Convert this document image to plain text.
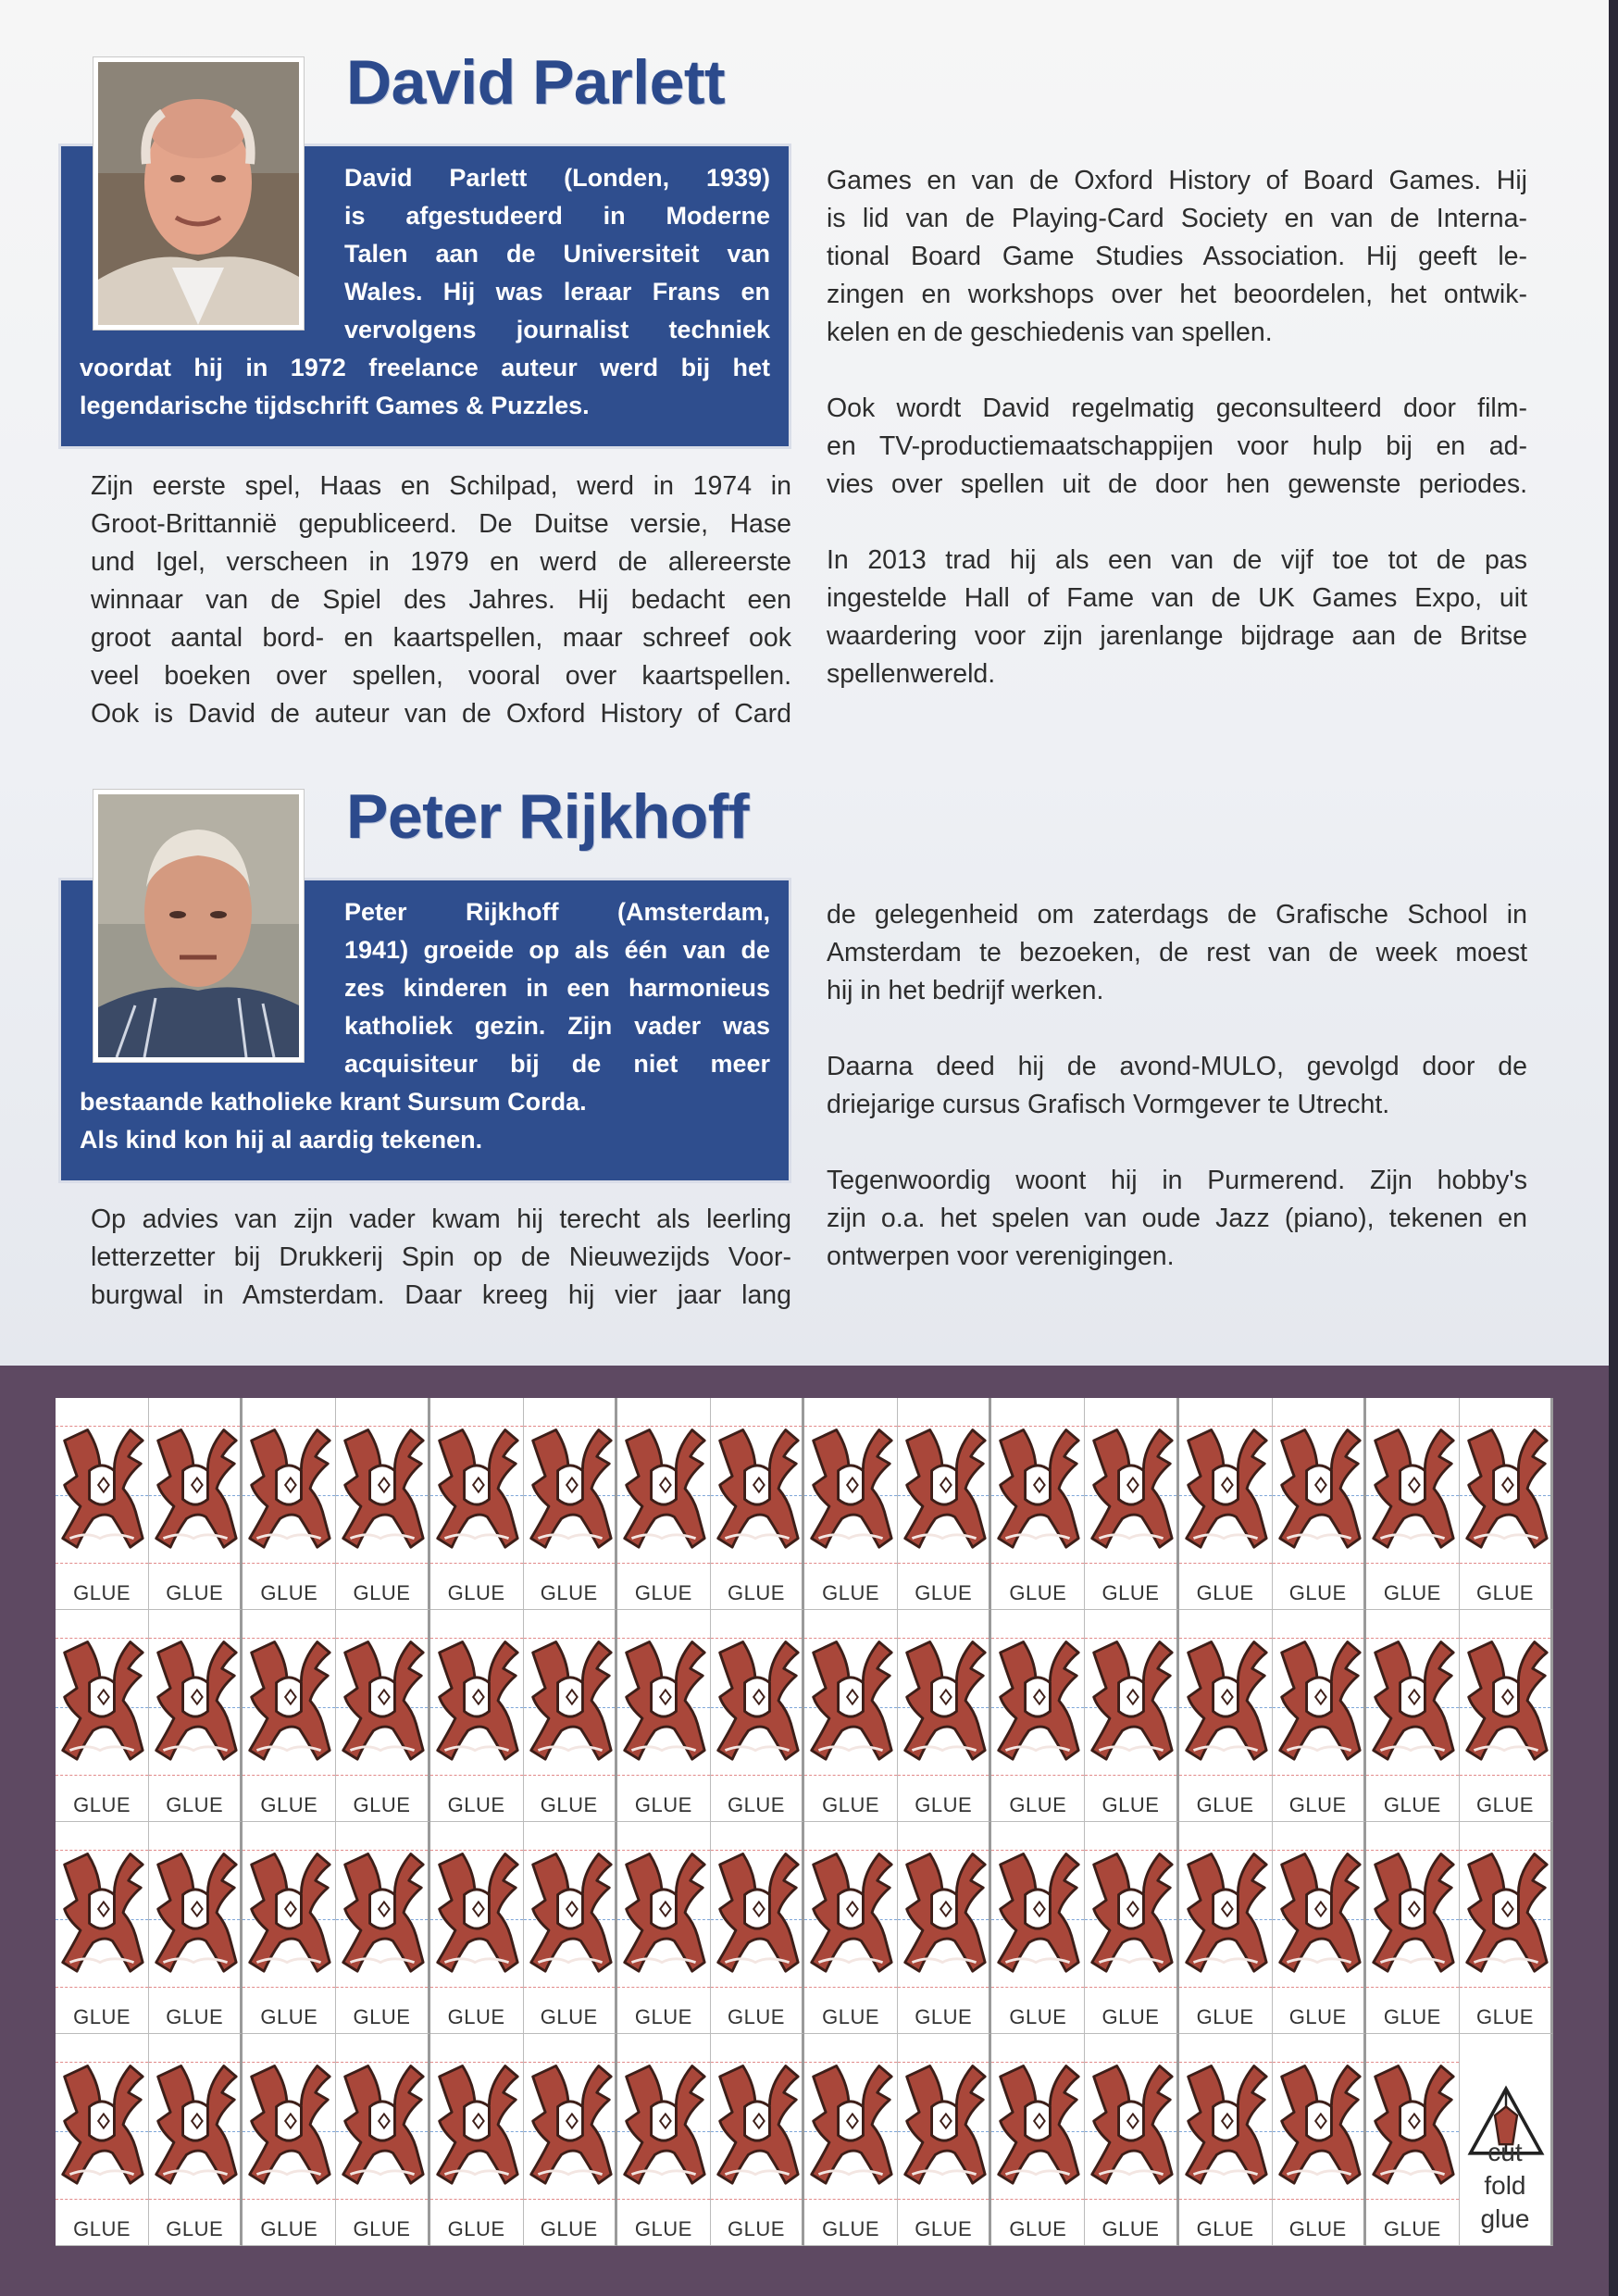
David Parlett (Londen, 1939)
is afgestudeerd in Moderne
Talen aan de Universiteit van
Wales. Hij was leraar Frans en
vervolgens journalist techniek
voordat hij in 1972 freelance auteur werd bij het
legendarische tijdschrift Games & Puzzles.
David Parlett
Zijn eerste spel, Haas en Schilpad, werd in 1974 in
Groot-Brittannië gepubliceerd. De Duitse versie, Hase
und Igel, verscheen in 1979 en werd de allereerste
winnaar van de Spiel des Jahres. Hij bedacht een
groot aantal bord- en kaartspellen, maar schreef ook
veel boeken over spellen, vooral over kaartspellen.
Ook is David de auteur van de Oxford History of Card
Games en van de Oxford History of Board Games. Hij
is lid van de Playing-Card Society en van de Interna-
tional Board Game Studies Association. Hij geeft le-
zingen en workshops over het beoordelen, het ontwik-
kelen en de geschiedenis van spellen.
Ook wordt David regelmatig geconsulteerd door film-
en TV-productiemaatschappijen voor hulp bij en ad-
vies over spellen uit de door hen gewenste periodes.
In 2013 trad hij als een van de vijf toe tot de pas
ingestelde Hall of Fame van de UK Games Expo, uit
waardering voor zijn jarenlange bijdrage aan de Britse
spellenwereld.
Peter Rijkhoff (Amsterdam,
1941) groeide op als één van de
zes kinderen in een harmonieus
katholiek gezin. Zijn vader was
acquisiteur bij de niet meer
bestaande katholieke krant Sursum Corda.
Als kind kon hij al aardig tekenen.
Peter Rijkhoff
Op advies van zijn vader kwam hij terecht als leerling
letterzetter bij Drukkerij Spin op de Nieuwezijds Voor-
burgwal in Amsterdam. Daar kreeg hij vier jaar lang
de gelegenheid om zaterdags de Grafische School in
Amsterdam te bezoeken, de rest van de week moest
hij in het bedrijf werken.
Daarna deed hij de avond-MULO, gevolgd door de
driejarige cursus Grafisch Vormgever te Utrecht.
Tegenwoordig woont hij in Purmerend. Zijn hobby's
zijn o.a. het spelen van oude Jazz (piano), tekenen en
ontwerpen voor verenigingen.
GLUE	GLUE	GLUE	GLUE	GLUE	GLUE	GLUE	GLUE	GLUE	GLUE	GLUE	GLUE	GLUE	GLUE	GLUE	GLUE
GLUE	GLUE	GLUE	GLUE	GLUE	GLUE	GLUE	GLUE	GLUE	GLUE	GLUE	GLUE	GLUE	GLUE	GLUE	GLUE
GLUE	GLUE	GLUE	GLUE	GLUE	GLUE	GLUE	GLUE	GLUE	GLUE	GLUE	GLUE	GLUE	GLUE	GLUE	GLUE
GLUE	GLUE	GLUE	GLUE	GLUE	GLUE	GLUE	GLUE	GLUE	GLUE	GLUE	GLUE	GLUE	GLUE	GLUE
cut
fold
glue
